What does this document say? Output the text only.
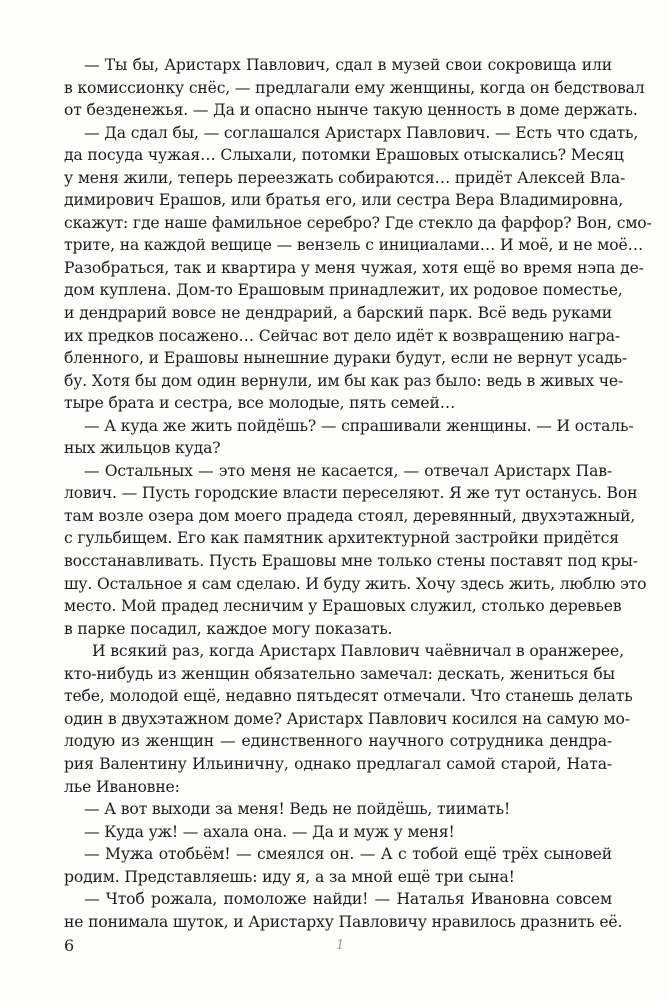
— Ты бы, Аристарх Павлович, сдал в музей свои сокровища или
в комиссионку снёс, — предлагали ему женщины, когда он бедствовал
от безденежья. — Да и опасно нынче такую ценность в доме держать.
— Да сдал бы, — соглашался Аристарх Павлович. — Есть что сдать,
да посуда чужая… Слыхали, потомки Ерашовых отыскались? Месяц
у меня жили, теперь переезжать собираются… придёт Алексей Вла-
димирович Ерашов, или братья его, или сестра Вера Владимировна,
скажут: где наше фамильное серебро? Где стекло да фарфор? Вон, смо-
трите, на каждой вещице — вензель с инициалами… И моё, и не моё…
Разобраться, так и квартира у меня чужая, хотя ещё во время нэпа де-
дом куплена. Дом-то Ерашовым принадлежит, их родовое поместье,
и дендрарий вовсе не дендрарий, а барский парк. Всё ведь руками
их предков посажено… Сейчас вот дело идёт к возвращению награ-
бленного, и Ерашовы нынешние дураки будут, если не вернут усадь-
бу. Хотя бы дом один вернули, им бы как раз было: ведь в живых че-
тыре брата и сестра, все молодые, пять семей…
— А куда же жить пойдёшь? — спрашивали женщины. — И осталь-
ных жильцов куда?
— Остальных — это меня не касается, — отвечал Аристарх Пав-
лович. — Пусть городские власти переселяют. Я же тут останусь. Вон
там возле озера дом моего прадеда стоял, деревянный, двухэтажный,
с гульбищем. Его как памятник архитектурной застройки придётся
восстанавливать. Пусть Ерашовы мне только стены поставят под кры-
шу. Остальное я сам сделаю. И буду жить. Хочу здесь жить, люблю это
место. Мой прадед лесничим у Ерашовых служил, столько деревьев
в парке посадил, каждое могу показать.
И всякий раз, когда Аристарх Павлович чаёвничал в оранжерее,
кто-нибудь из женщин обязательно замечал: дескать, жениться бы
тебе, молодой ещё, недавно пятьдесят отмечали. Что станешь делать
один в двухэтажном доме? Аристарх Павлович косился на самую мо-
лодую из женщин — единственного научного сотрудника дендра-
рия Валентину Ильиничну, однако предлагал самой старой, Ната-
лье Ивановне:
— А вот выходи за меня! Ведь не пойдёшь, тиимать!
— Куда уж! — ахала она. — Да и муж у меня!
— Мужа отобьём! — смеялся он. — А с тобой ещё трёх сыновей
родим. Представляешь: иду я, а за мной ещё три сына!
— Чтоб рожала, помоложе найди! — Наталья Ивановна совсем
не понимала шуток, и Аристарху Павловичу нравилось дразнить её.
6	1
